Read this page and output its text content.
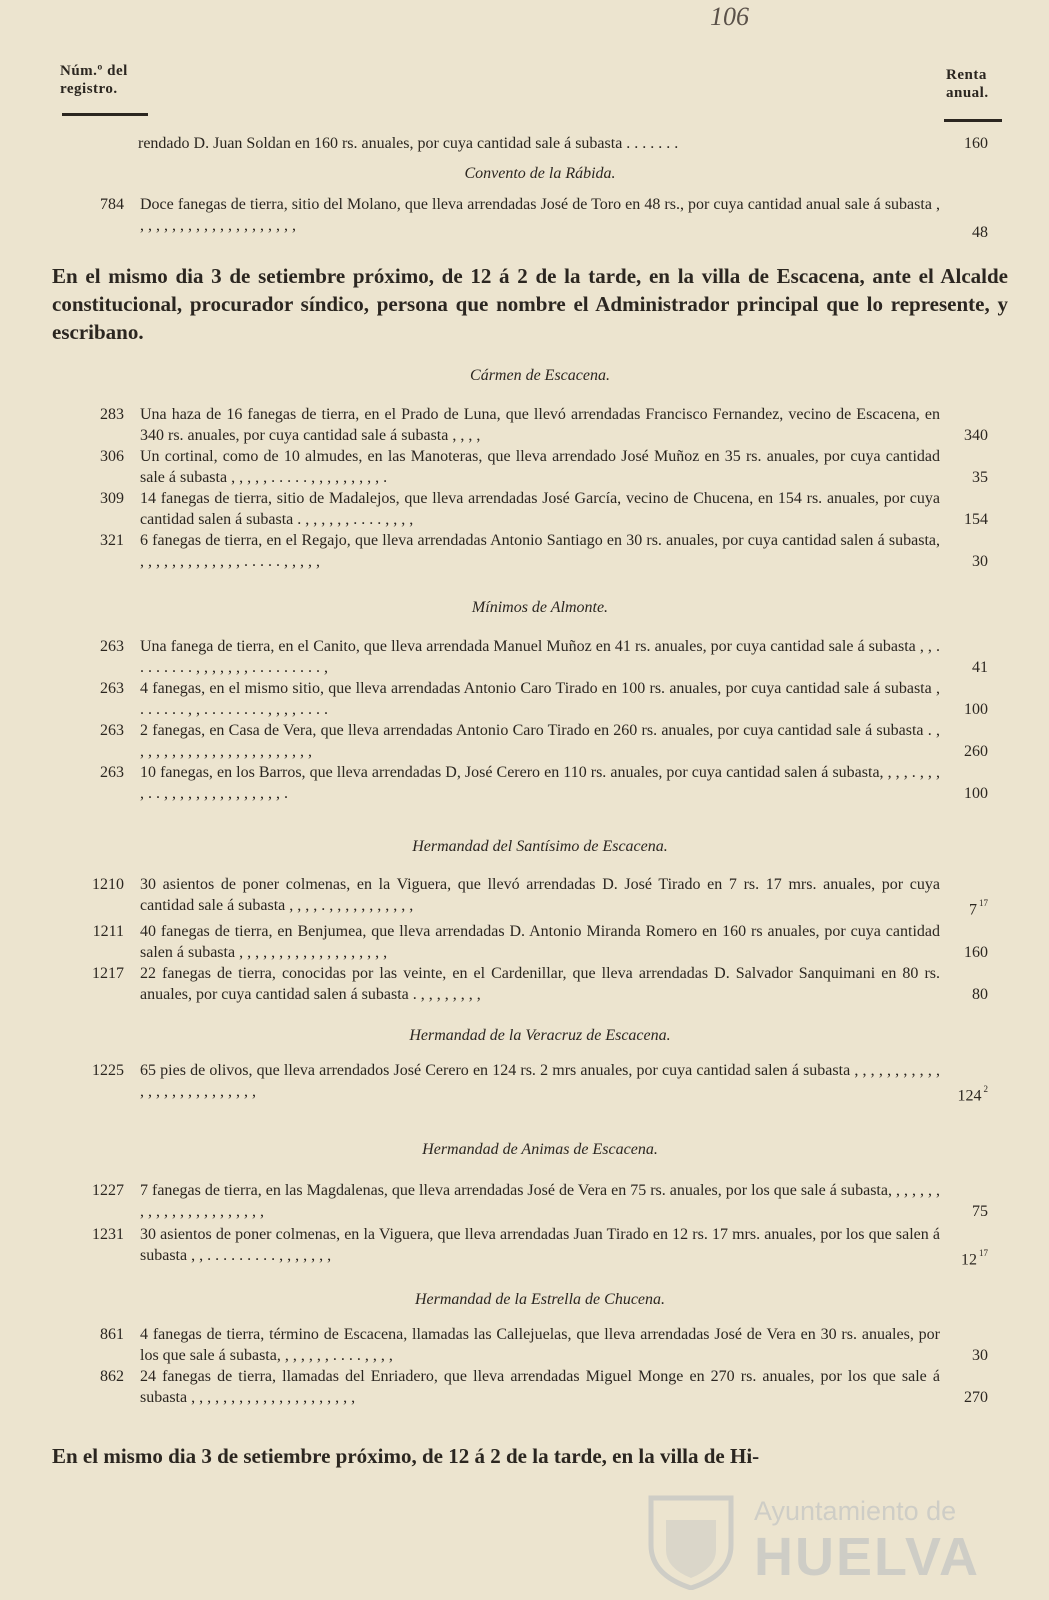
106
Núm.º del
registro.
Renta
anual.
rendado D. Juan Soldan en 160 rs. anuales, por cuya cantidad sale á subasta . . . . . . .	160
Convento de la Rábida.
784 Doce fanegas de tierra, sitio del Molano, que lleva arrendadas José de Toro en 48 rs., por cuya cantidad anual sale á subasta , , , , , , , , , , , , , , , , , , , , ,	48
En el mismo dia 3 de setiembre próximo, de 12 á 2 de la tarde, en la villa de Escacena, ante el Alcalde constitucional, procurador síndico, persona que nombre el Administrador principal que lo represente, y escribano.
Cármen de Escacena.
283 Una haza de 16 fanegas de tierra, en el Prado de Luna, que llevó arrendadas Francisco Fernandez, vecino de Escacena, en 340 rs. anuales, por cuya cantidad sale á subasta , , , ,	340
306 Un cortinal, como de 10 almudes, en las Manoteras, que lleva arrendado José Muñoz en 35 rs. anuales, por cuya cantidad sale á subasta , , , , , . . . . . , , , , , , , , , .	35
309 14 fanegas de tierra, sitio de Madalejos, que lleva arrendadas José García, vecino de Chucena, en 154 rs. anuales, por cuya cantidad salen á subasta . , , , , , , . . . . , , , ,	154
321 6 fanegas de tierra, en el Regajo, que lleva arrendadas Antonio Santiago en 30 rs. anuales, por cuya cantidad salen á subasta, , , , , , , , , , , , , , . . . . . , , , , ,	30
Mínimos de Almonte.
263 Una fanega de tierra, en el Canito, que lleva arrendada Manuel Muñoz en 41 rs. anuales, por cuya cantidad sale á subasta , , . . . . . . . . , , , , , , , . . . . . . . . . ,	41
263 4 fanegas, en el mismo sitio, que lleva arrendadas Antonio Caro Tirado en 100 rs. anuales, por cuya cantidad sale á subasta , . . . . . . , , . . . . . . . . , , , , . . . .	100
263 2 fanegas, en Casa de Vera, que lleva arrendadas Antonio Caro Tirado en 260 rs. anuales, por cuya cantidad sale á subasta . , , , , , , , , , , , , , , , , , , , , , , ,	260
263 10 fanegas, en los Barros, que lleva arrendadas D, José Cerero en 110 rs. anuales, por cuya cantidad salen á subasta, , , , . , , , , . . , , , , , , , , , , , , , , , .	100
Hermandad del Santísimo de Escacena.
1210 30 asientos de poner colmenas, en la Viguera, que llevó arrendadas D. José Tirado en 7 rs. 17 mrs. anuales, por cuya cantidad sale á subasta , , , , . , , , , , , , , , , ,	7 $^{17}$
1211 40 fanegas de tierra, en Benjumea, que lleva arrendadas D. Antonio Miranda Romero en 160 rs anuales, por cuya cantidad salen á subasta , , , , , , , , , , , , , , , , , , ,	160
1217 22 fanegas de tierra, conocidas por las veinte, en el Cardenillar, que lleva arrendadas D. Salvador Sanquimani en 80 rs. anuales, por cuya cantidad salen á subasta . , , , , , , , ,	80
Hermandad de la Veracruz de Escacena.
1225 65 pies de olivos, que lleva arrendados José Cerero en 124 rs. 2 mrs anuales, por cuya cantidad salen á subasta , , , , , , , , , , , , , , , , , , , , , , , , , ,	124 $^2$
Hermandad de Animas de Escacena.
1227 7 fanegas de tierra, en las Magdalenas, que lleva arrendadas José de Vera en 75 rs. anuales, por los que sale á subasta, , , , , , , , , , , , , , , , , , , , , , ,	75
1231 30 asientos de poner colmenas, en la Viguera, que lleva arrendadas Juan Tirado en 12 rs. 17 mrs. anuales, por los que salen á subasta , , . . . . . . . . . , , , , , , ,	12 $^{17}$
Hermandad de la Estrella de Chucena.
861 4 fanegas de tierra, término de Escacena, llamadas las Callejuelas, que lleva arrendadas José de Vera en 30 rs. anuales, por los que sale á subasta, , , , , , , . . . . , , , ,	30
862 24 fanegas de tierra, llamadas del Enriadero, que lleva arrendadas Miguel Monge en 270 rs. anuales, por los que sale á subasta , , , , , , , , , , , , , , , , , , , , ,	270
En el mismo dia 3 de setiembre próximo, de 12 á 2 de la tarde, en la villa de Hi-
Ayuntamiento de
HUELVA
